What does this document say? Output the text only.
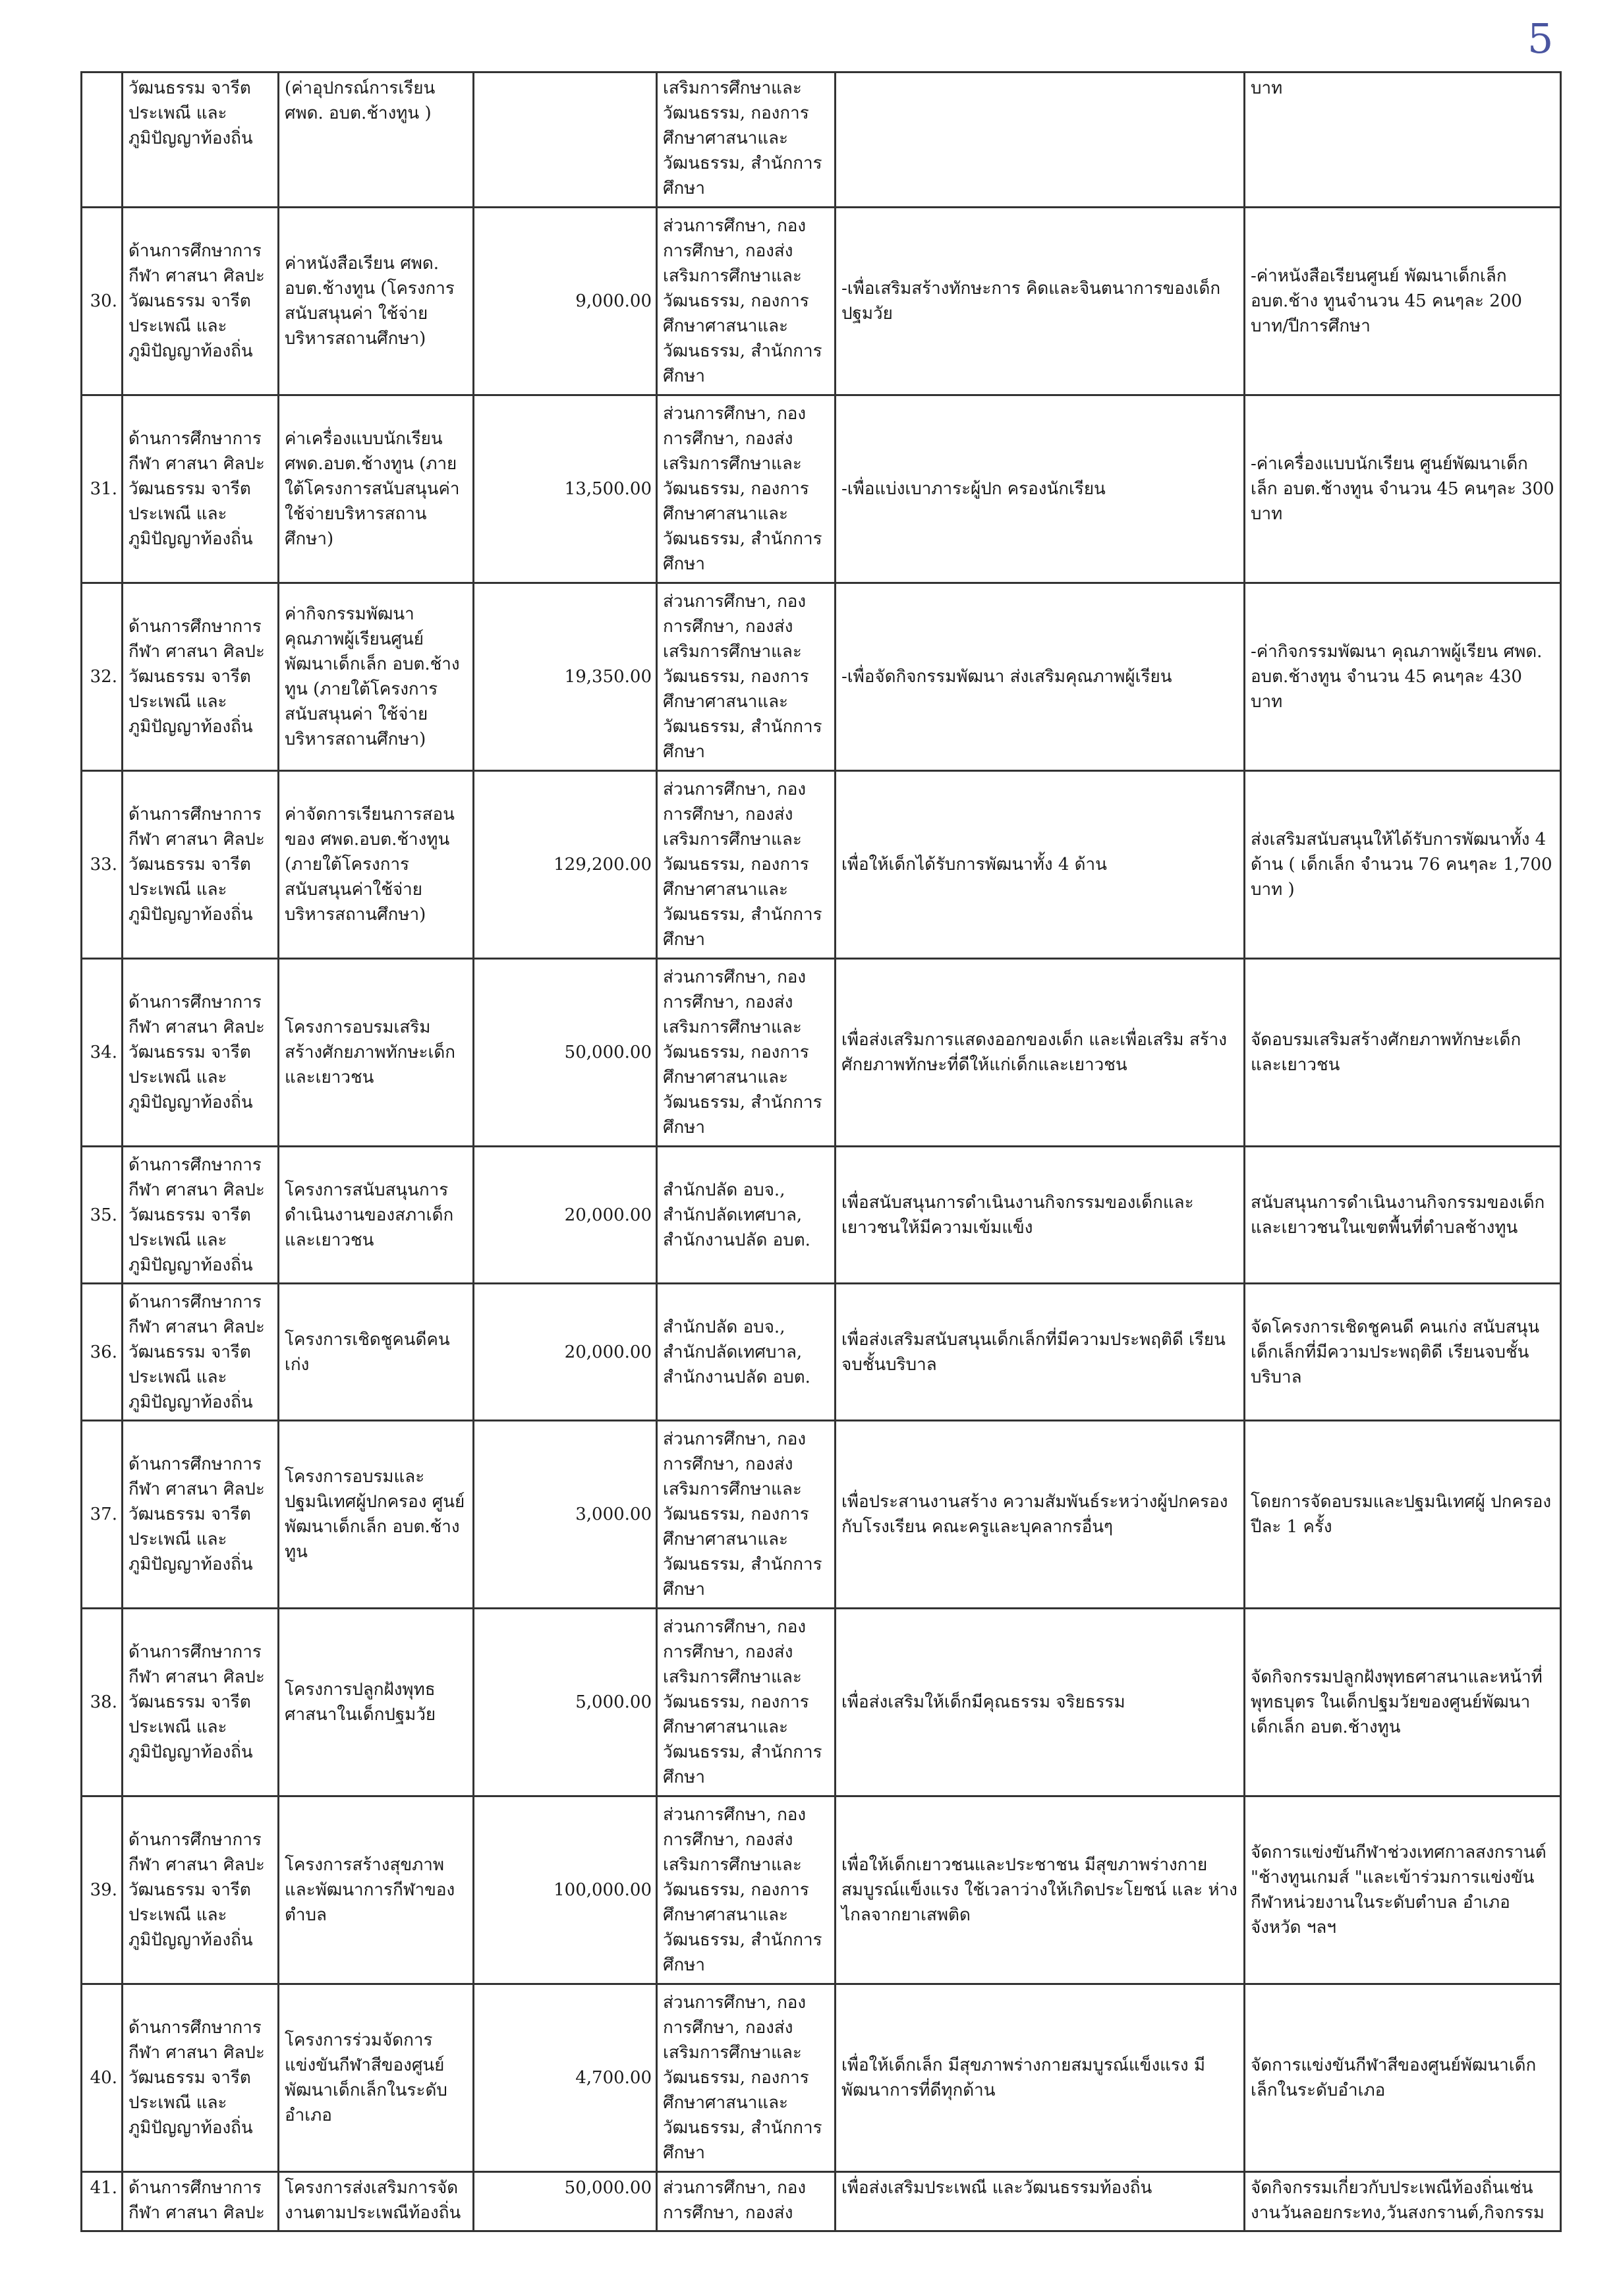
5
	วัฒนธรรม จารีต ประเพณี และ ภูมิปัญญาท้องถิ่น	(ค่าอุปกรณ์การเรียน ศพด. อบต.ช้างทูน )		เสริมการศึกษาและ วัฒนธรรม, กองการ ศึกษาศาสนาและ วัฒนธรรม, สำนักการ ศึกษา		บาท
30.	ด้านการศึกษาการ กีฬา ศาสนา ศิลปะ วัฒนธรรม จารีต ประเพณี และ ภูมิปัญญาท้องถิ่น	ค่าหนังสือเรียน ศพด. อบต.ช้างทูน (โครงการ สนับสนุนค่า ใช้จ่าย บริหารสถานศึกษา)	9,000.00	ส่วนการศึกษา, กอง การศึกษา, กองส่ง เสริมการศึกษาและ วัฒนธรรม, กองการ ศึกษาศาสนาและ วัฒนธรรม, สำนักการ ศึกษา	-เพื่อเสริมสร้างทักษะการ คิดและจินตนาการของเด็ก ปฐมวัย	-ค่าหนังสือเรียนศูนย์ พัฒนาเด็กเล็ก อบต.ช้าง ทูนจำนวน 45 คนๆละ 200 บาท/ปีการศึกษา
31.	ด้านการศึกษาการ กีฬา ศาสนา ศิลปะ วัฒนธรรม จารีต ประเพณี และ ภูมิปัญญาท้องถิ่น	ค่าเครื่องแบบนักเรียน ศพด.อบต.ช้างทูน (ภาย ใต้โครงการสนับสนุนค่า ใช้จ่ายบริหารสถาน ศึกษา)	13,500.00	ส่วนการศึกษา, กอง การศึกษา, กองส่ง เสริมการศึกษาและ วัฒนธรรม, กองการ ศึกษาศาสนาและ วัฒนธรรม, สำนักการ ศึกษา	-เพื่อแบ่งเบาภาระผู้ปก ครองนักเรียน	-ค่าเครื่องแบบนักเรียน ศูนย์พัฒนาเด็ก เล็ก อบต.ช้างทูน จำนวน 45 คนๆละ 300 บาท
32.	ด้านการศึกษาการ กีฬา ศาสนา ศิลปะ วัฒนธรรม จารีต ประเพณี และ ภูมิปัญญาท้องถิ่น	ค่ากิจกรรมพัฒนา คุณภาพผู้เรียนศูนย์ พัฒนาเด็กเล็ก อบต.ช้าง ทูน (ภายใต้โครงการ สนับสนุนค่า ใช้จ่าย บริหารสถานศึกษา)	19,350.00	ส่วนการศึกษา, กอง การศึกษา, กองส่ง เสริมการศึกษาและ วัฒนธรรม, กองการ ศึกษาศาสนาและ วัฒนธรรม, สำนักการ ศึกษา	-เพื่อจัดกิจกรรมพัฒนา ส่งเสริมคุณภาพผู้เรียน	-ค่ากิจกรรมพัฒนา คุณภาพผู้เรียน ศพด. อบต.ช้างทูน จำนวน 45 คนๆละ 430 บาท
33.	ด้านการศึกษาการ กีฬา ศาสนา ศิลปะ วัฒนธรรม จารีต ประเพณี และ ภูมิปัญญาท้องถิ่น	ค่าจัดการเรียนการสอน ของ ศพด.อบต.ช้างทูน (ภายใต้โครงการ สนับสนุนค่าใช้จ่าย บริหารสถานศึกษา)	129,200.00	ส่วนการศึกษา, กอง การศึกษา, กองส่ง เสริมการศึกษาและ วัฒนธรรม, กองการ ศึกษาศาสนาและ วัฒนธรรม, สำนักการ ศึกษา	เพื่อให้เด็กได้รับการพัฒนาทั้ง 4 ด้าน	ส่งเสริมสนับสนุนให้ได้รับการพัฒนาทั้ง 4 ด้าน ( เด็กเล็ก จำนวน 76 คนๆละ 1,700 บาท )
34.	ด้านการศึกษาการ กีฬา ศาสนา ศิลปะ วัฒนธรรม จารีต ประเพณี และ ภูมิปัญญาท้องถิ่น	โครงการอบรมเสริม สร้างศักยภาพทักษะเด็ก และเยาวชน	50,000.00	ส่วนการศึกษา, กอง การศึกษา, กองส่ง เสริมการศึกษาและ วัฒนธรรม, กองการ ศึกษาศาสนาและ วัฒนธรรม, สำนักการ ศึกษา	เพื่อส่งเสริมการแสดงออกของเด็ก และเพื่อเสริม สร้างศักยภาพทักษะที่ดีให้แก่เด็กและเยาวชน	จัดอบรมเสริมสร้างศักยภาพทักษะเด็ก และเยาวชน
35.	ด้านการศึกษาการ กีฬา ศาสนา ศิลปะ วัฒนธรรม จารีต ประเพณี และ ภูมิปัญญาท้องถิ่น	โครงการสนับสนุนการ ดำเนินงานของสภาเด็ก และเยาวชน	20,000.00	สำนักปลัด อบจ., สำนักปลัดเทศบาล, สำนักงานปลัด อบต.	เพื่อสนับสนุนการดำเนินงานกิจกรรมของเด็กและ เยาวชนให้มีความเข้มแข็ง	สนับสนุนการดำเนินงานกิจกรรมของเด็ก และเยาวชนในเขตพื้นที่ตำบลช้างทูน
36.	ด้านการศึกษาการ กีฬา ศาสนา ศิลปะ วัฒนธรรม จารีต ประเพณี และ ภูมิปัญญาท้องถิ่น	โครงการเชิดชูคนดีคน เก่ง	20,000.00	สำนักปลัด อบจ., สำนักปลัดเทศบาล, สำนักงานปลัด อบต.	เพื่อส่งเสริมสนับสนุนเด็กเล็กที่มีความประพฤติดี เรียนจบชั้นบริบาล	จัดโครงการเชิดชูคนดี คนเก่ง สนับสนุน เด็กเล็กที่มีความประพฤติดี เรียนจบชั้น บริบาล
37.	ด้านการศึกษาการ กีฬา ศาสนา ศิลปะ วัฒนธรรม จารีต ประเพณี และ ภูมิปัญญาท้องถิ่น	โครงการอบรมและ ปฐมนิเทศผู้ปกครอง ศูนย์พัฒนาเด็กเล็ก อบต.ช้างทูน	3,000.00	ส่วนการศึกษา, กอง การศึกษา, กองส่ง เสริมการศึกษาและ วัฒนธรรม, กองการ ศึกษาศาสนาและ วัฒนธรรม, สำนักการ ศึกษา	เพื่อประสานงานสร้าง ความสัมพันธ์ระหว่างผู้ปกครอง กับโรงเรียน คณะครูและบุคลากรอื่นๆ	โดยการจัดอบรมและปฐมนิเทศผู้ ปกครองปีละ 1 ครั้ง
38.	ด้านการศึกษาการ กีฬา ศาสนา ศิลปะ วัฒนธรรม จารีต ประเพณี และ ภูมิปัญญาท้องถิ่น	โครงการปลูกฝังพุทธ ศาสนาในเด็กปฐมวัย	5,000.00	ส่วนการศึกษา, กอง การศึกษา, กองส่ง เสริมการศึกษาและ วัฒนธรรม, กองการ ศึกษาศาสนาและ วัฒนธรรม, สำนักการ ศึกษา	เพื่อส่งเสริมให้เด็กมีคุณธรรม จริยธรรม	จัดกิจกรรมปลูกฝังพุทธศาสนาและหน้าที่ พุทธบุตร ในเด็กปฐมวัยของศูนย์พัฒนา เด็กเล็ก อบต.ช้างทูน
39.	ด้านการศึกษาการ กีฬา ศาสนา ศิลปะ วัฒนธรรม จารีต ประเพณี และ ภูมิปัญญาท้องถิ่น	โครงการสร้างสุขภาพ และพัฒนาการกีฬาของ ตำบล	100,000.00	ส่วนการศึกษา, กอง การศึกษา, กองส่ง เสริมการศึกษาและ วัฒนธรรม, กองการ ศึกษาศาสนาและ วัฒนธรรม, สำนักการ ศึกษา	เพื่อให้เด็กเยาวชนและประชาชน มีสุขภาพร่างกาย สมบูรณ์แข็งแรง ใช้เวลาว่างให้เกิดประโยชน์ และ ห่างไกลจากยาเสพติด	จัดการแข่งขันกีฬาช่วงเทศกาลสงกรานต์ "ช้างทูนเกมส์ "และเข้าร่วมการแข่งขัน กีฬาหน่วยงานในระดับตำบล อำเภอ จังหวัด ฯลฯ
40.	ด้านการศึกษาการ กีฬา ศาสนา ศิลปะ วัฒนธรรม จารีต ประเพณี และ ภูมิปัญญาท้องถิ่น	โครงการร่วมจัดการ แข่งขันกีฬาสีของศูนย์ พัฒนาเด็กเล็กในระดับ อำเภอ	4,700.00	ส่วนการศึกษา, กอง การศึกษา, กองส่ง เสริมการศึกษาและ วัฒนธรรม, กองการ ศึกษาศาสนาและ วัฒนธรรม, สำนักการ ศึกษา	เพื่อให้เด็กเล็ก มีสุขภาพร่างกายสมบูรณ์แข็งแรง มี พัฒนาการที่ดีทุกด้าน	จัดการแข่งขันกีฬาสีของศูนย์พัฒนาเด็ก เล็กในระดับอำเภอ
41.	ด้านการศึกษาการ กีฬา ศาสนา ศิลปะ	โครงการส่งเสริมการจัด งานตามประเพณีท้องถิ่น	50,000.00	ส่วนการศึกษา, กอง การศึกษา, กองส่ง	เพื่อส่งเสริมประเพณี และวัฒนธรรมท้องถิ่น	จัดกิจกรรมเกี่ยวกับประเพณีท้องถิ่นเช่น งานวันลอยกระทง,วันสงกรานต์,กิจกรรม
